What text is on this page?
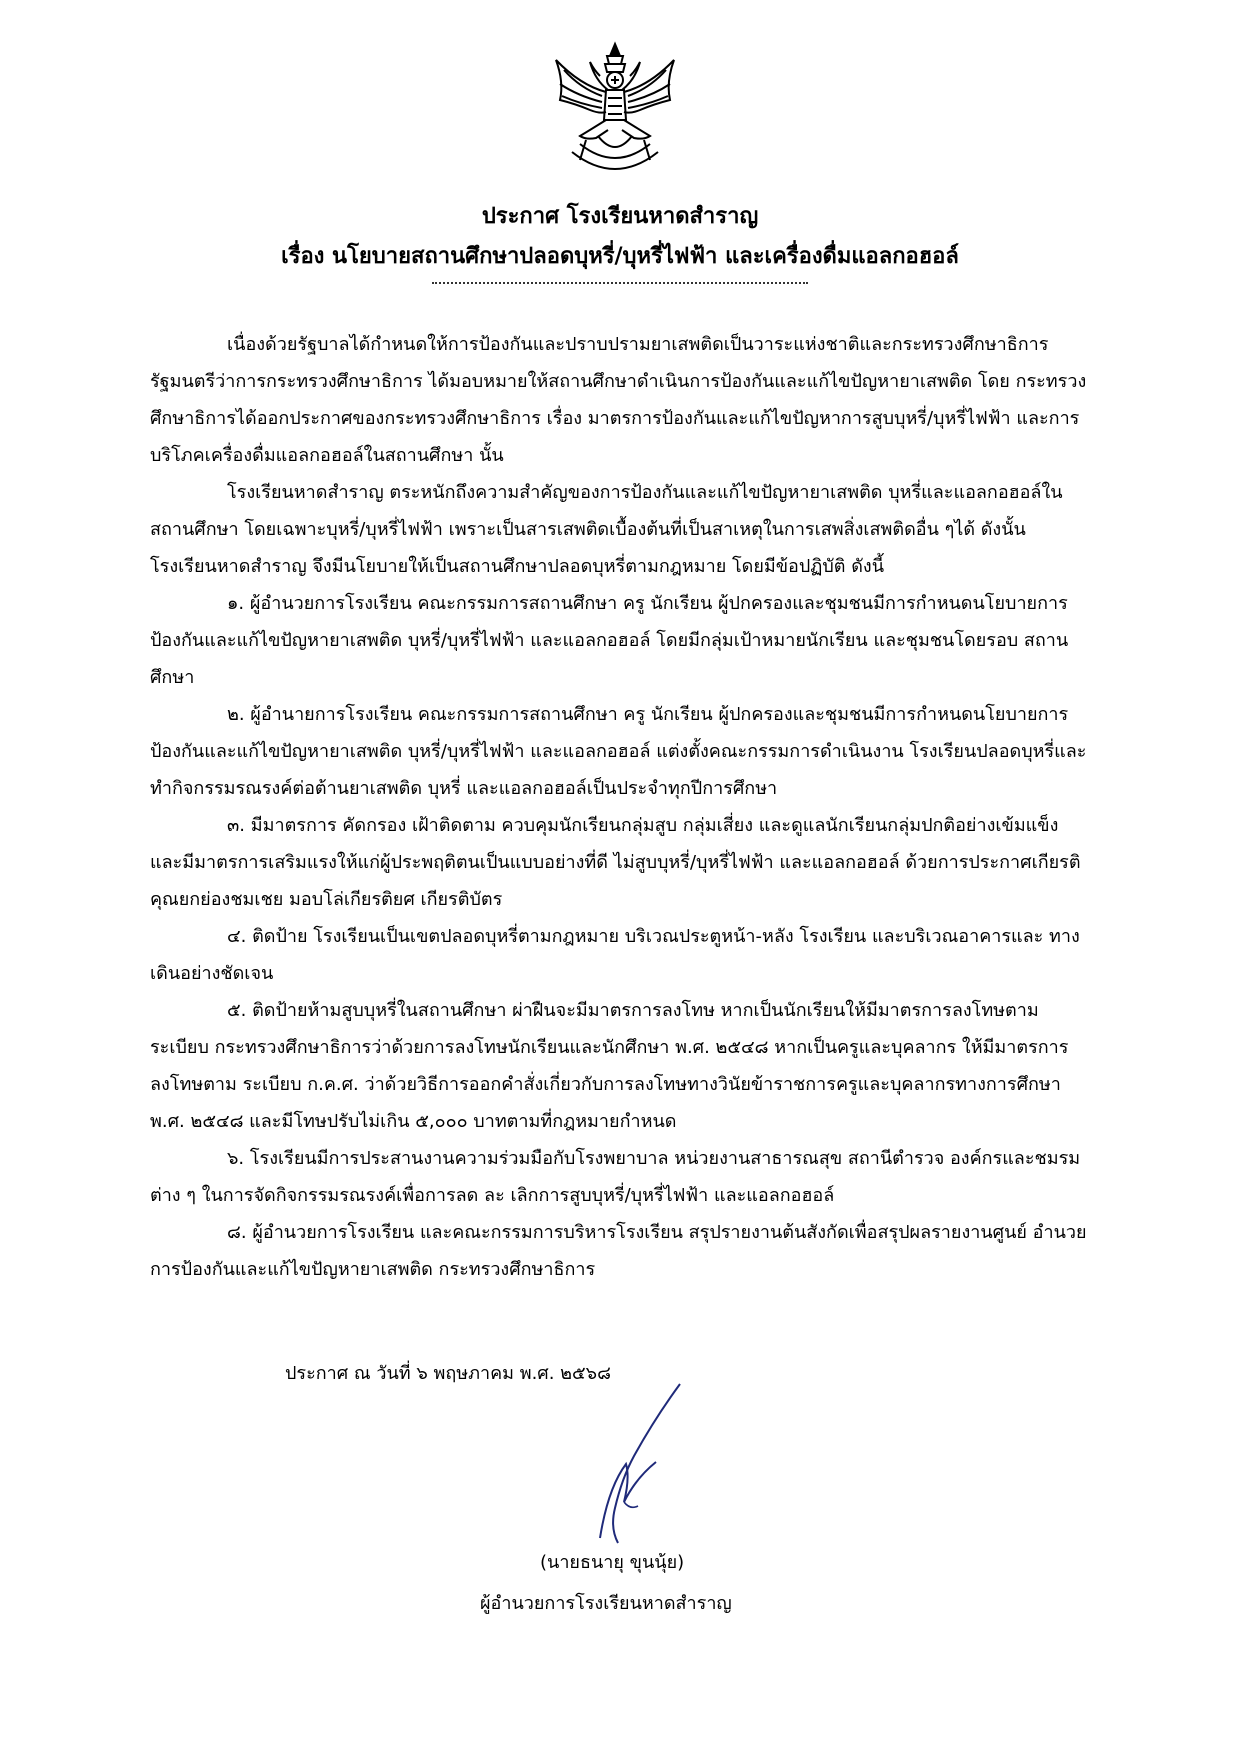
ประกาศ โรงเรียนหาดสำราญ
เรื่อง นโยบายสถานศึกษาปลอดบุหรี่/บุหรี่ไฟฟ้า และเครื่องดื่มแอลกอฮอล์

เนื่องด้วยรัฐบาลได้กำหนดให้การป้องกันและปราบปรามยาเสพติดเป็นวาระแห่งชาติและกระทรวงศึกษาธิการ รัฐมนตรีว่าการกระทรวงศึกษาธิการ ได้มอบหมายให้สถานศึกษาดำเนินการป้องกันและแก้ไขปัญหายาเสพติด โดย กระทรวงศึกษาธิการได้ออกประกาศของกระทรวงศึกษาธิการ เรื่อง มาตรการป้องกันและแก้ไขปัญหาการสูบบุหรี่/บุหรี่ไฟฟ้า และการบริโภคเครื่องดื่มแอลกอฮอล์ในสถานศึกษา นั้น

โรงเรียนหาดสำราญ ตระหนักถึงความสำคัญของการป้องกันและแก้ไขปัญหายาเสพติด บุหรี่และแอลกอฮอล์ใน สถานศึกษา โดยเฉพาะบุหรี่/บุหรี่ไฟฟ้า เพราะเป็นสารเสพติดเบื้องต้นที่เป็นสาเหตุในการเสพสิ่งเสพติดอื่น ๆได้ ดังนั้น โรงเรียนหาดสำราญ จึงมีนโยบายให้เป็นสถานศึกษาปลอดบุหรี่ตามกฎหมาย โดยมีข้อปฏิบัติ ดังนี้

๑. ผู้อำนวยการโรงเรียน คณะกรรมการสถานศึกษา ครู นักเรียน ผู้ปกครองและชุมชนมีการกำหนดนโยบายการ ป้องกันและแก้ไขปัญหายาเสพติด บุหรี่/บุหรี่ไฟฟ้า และแอลกอฮอล์ โดยมีกลุ่มเป้าหมายนักเรียน และชุมชนโดยรอบ สถานศึกษา

๒. ผู้อำนายการโรงเรียน คณะกรรมการสถานศึกษา ครู นักเรียน ผู้ปกครองและชุมชนมีการกำหนดนโยบายการ ป้องกันและแก้ไขปัญหายาเสพติด บุหรี่/บุหรี่ไฟฟ้า และแอลกอฮอล์ แต่งตั้งคณะกรรมการดำเนินงาน โรงเรียนปลอดบุหรี่และ ทำกิจกรรมรณรงค์ต่อต้านยาเสพติด บุหรี่ และแอลกอฮอล์เป็นประจำทุกปีการศึกษา

๓. มีมาตรการ คัดกรอง เฝ้าติดตาม ควบคุมนักเรียนกลุ่มสูบ กลุ่มเสี่ยง และดูแลนักเรียนกลุ่มปกติอย่างเข้มแข็ง และมีมาตรการเสริมแรงให้แก่ผู้ประพฤติตนเป็นแบบอย่างที่ดี ไม่สูบบุหรี่/บุหรี่ไฟฟ้า และแอลกอฮอล์ ด้วยการประกาศเกียรติ คุณยกย่องชมเชย มอบโล่เกียรติยศ เกียรติบัตร

๔. ติดป้าย โรงเรียนเป็นเขตปลอดบุหรี่ตามกฎหมาย บริเวณประตูหน้า-หลัง โรงเรียน และบริเวณอาคารและ ทางเดินอย่างชัดเจน

๕. ติดป้ายห้ามสูบบุหรี่ในสถานศึกษา ผ่าฝืนจะมีมาตรการลงโทษ หากเป็นนักเรียนให้มีมาตรการลงโทษตามระเบียบ กระทรวงศึกษาธิการว่าด้วยการลงโทษนักเรียนและนักศึกษา พ.ศ. ๒๕๔๘ หากเป็นครูและบุคลากร ให้มีมาตรการลงโทษตาม ระเบียบ ก.ค.ศ. ว่าด้วยวิธีการออกคำสั่งเกี่ยวกับการลงโทษทางวินัยข้าราชการครูและบุคลากรทางการศึกษา พ.ศ. ๒๕๔๘ และมีโทษปรับไม่เกิน ๕,๐๐๐ บาทตามที่กฎหมายกำหนด

๖. โรงเรียนมีการประสานงานความร่วมมือกับโรงพยาบาล หน่วยงานสาธารณสุข สถานีตำรวจ องค์กรและชมรม ต่าง ๆ ในการจัดกิจกรรมรณรงค์เพื่อการลด ละ เลิกการสูบบุหรี่/บุหรี่ไฟฟ้า และแอลกอฮอล์

๘. ผู้อำนวยการโรงเรียน และคณะกรรมการบริหารโรงเรียน สรุปรายงานต้นสังกัดเพื่อสรุปผลรายงานศูนย์ อำนวยการป้องกันและแก้ไขปัญหายาเสพติด กระทรวงศึกษาธิการ

ประกาศ ณ วันที่ ๖ พฤษภาคม พ.ศ. ๒๕๖๘
(นายธนายุ ขุนนุ้ย)
ผู้อำนวยการโรงเรียนหาดสำราญ
